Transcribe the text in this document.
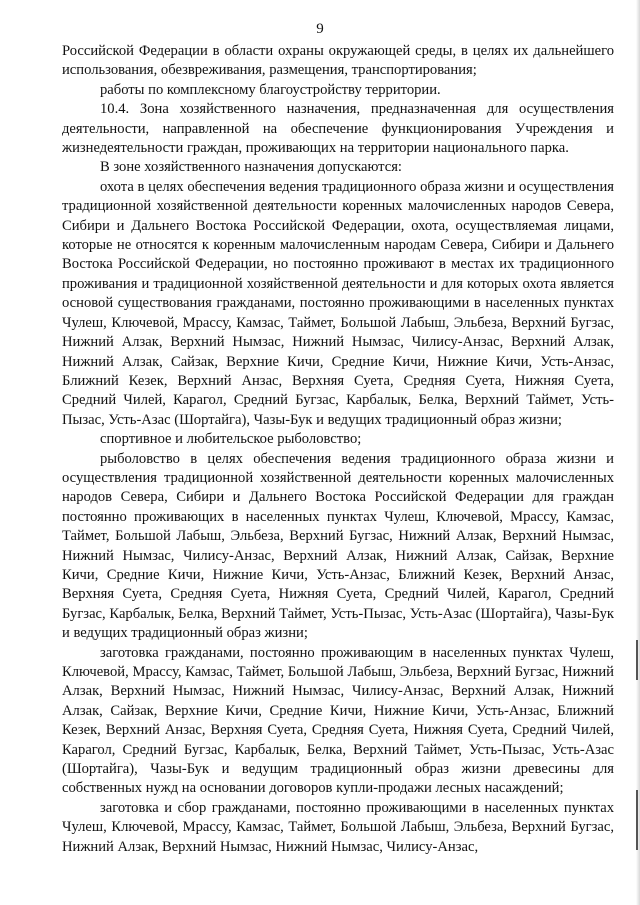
9

Российской Федерации в области охраны окружающей среды, в целях их дальнейшего использования, обезвреживания, размещения, транспортирования;

работы по комплексному благоустройству территории.

10.4. Зона хозяйственного назначения, предназначенная для осуществления деятельности, направленной на обеспечение функционирования Учреждения и жизнедеятельности граждан, проживающих на территории национального парка.

В зоне хозяйственного назначения допускаются:

охота в целях обеспечения ведения традиционного образа жизни и осуществления традиционной хозяйственной деятельности коренных малочисленных народов Севера, Сибири и Дальнего Востока Российской Федерации, охота, осуществляемая лицами, которые не относятся к коренным малочисленным народам Севера, Сибири и Дальнего Востока Российской Федерации, но постоянно проживают в местах их традиционного проживания и традиционной хозяйственной деятельности и для которых охота является основой существования гражданами, постоянно проживающими в населенных пунктах Чулеш, Ключевой, Мрассу, Камзас, Таймет, Большой Лабыш, Эльбеза, Верхний Бугзас, Нижний Алзак, Верхний Нымзас, Нижний Нымзас, Чилису-Анзас, Верхний Алзак, Нижний Алзак, Сайзак, Верхние Кичи, Средние Кичи, Нижние Кичи, Усть-Анзас, Ближний Кезек, Верхний Анзас, Верхняя Суета, Средняя Суета, Нижняя Суета, Средний Чилей, Карагол, Средний Бугзас, Карбалык, Белка, Верхний Таймет, Усть-Пызас, Усть-Азас (Шортайга), Чазы-Бук и ведущих традиционный образ жизни;

спортивное и любительское рыболовство;

рыболовство в целях обеспечения ведения традиционного образа жизни и осуществления традиционной хозяйственной деятельности коренных малочисленных народов Севера, Сибири и Дальнего Востока Российской Федерации для граждан постоянно проживающих в населенных пунктах Чулеш, Ключевой, Мрассу, Камзас, Таймет, Большой Лабыш, Эльбеза, Верхний Бугзас, Нижний Алзак, Верхний Нымзас, Нижний Нымзас, Чилису-Анзас, Верхний Алзак, Нижний Алзак, Сайзак, Верхние Кичи, Средние Кичи, Нижние Кичи, Усть-Анзас, Ближний Кезек, Верхний Анзас, Верхняя Суета, Средняя Суета, Нижняя Суета, Средний Чилей, Карагол, Средний Бугзас, Карбалык, Белка, Верхний Таймет, Усть-Пызас, Усть-Азас (Шортайга), Чазы-Бук и ведущих традиционный образ жизни;

заготовка гражданами, постоянно проживающим в населенных пунктах Чулеш, Ключевой, Мрассу, Камзас, Таймет, Большой Лабыш, Эльбеза, Верхний Бугзас, Нижний Алзак, Верхний Нымзас, Нижний Нымзас, Чилису-Анзас, Верхний Алзак, Нижний Алзак, Сайзак, Верхние Кичи, Средние Кичи, Нижние Кичи, Усть-Анзас, Ближний Кезек, Верхний Анзас, Верхняя Суета, Средняя Суета, Нижняя Суета, Средний Чилей, Карагол, Средний Бугзас, Карбалык, Белка, Верхний Таймет, Усть-Пызас, Усть-Азас (Шортайга), Чазы-Бук и ведущим традиционный образ жизни древесины для собственных нужд на основании договоров купли-продажи лесных насаждений;

заготовка и сбор гражданами, постоянно проживающими в населенных пунктах Чулеш, Ключевой, Мрассу, Камзас, Таймет, Большой Лабыш, Эльбеза, Верхний Бугзас, Нижний Алзак, Верхний Нымзас, Нижний Нымзас, Чилису-Анзас,
